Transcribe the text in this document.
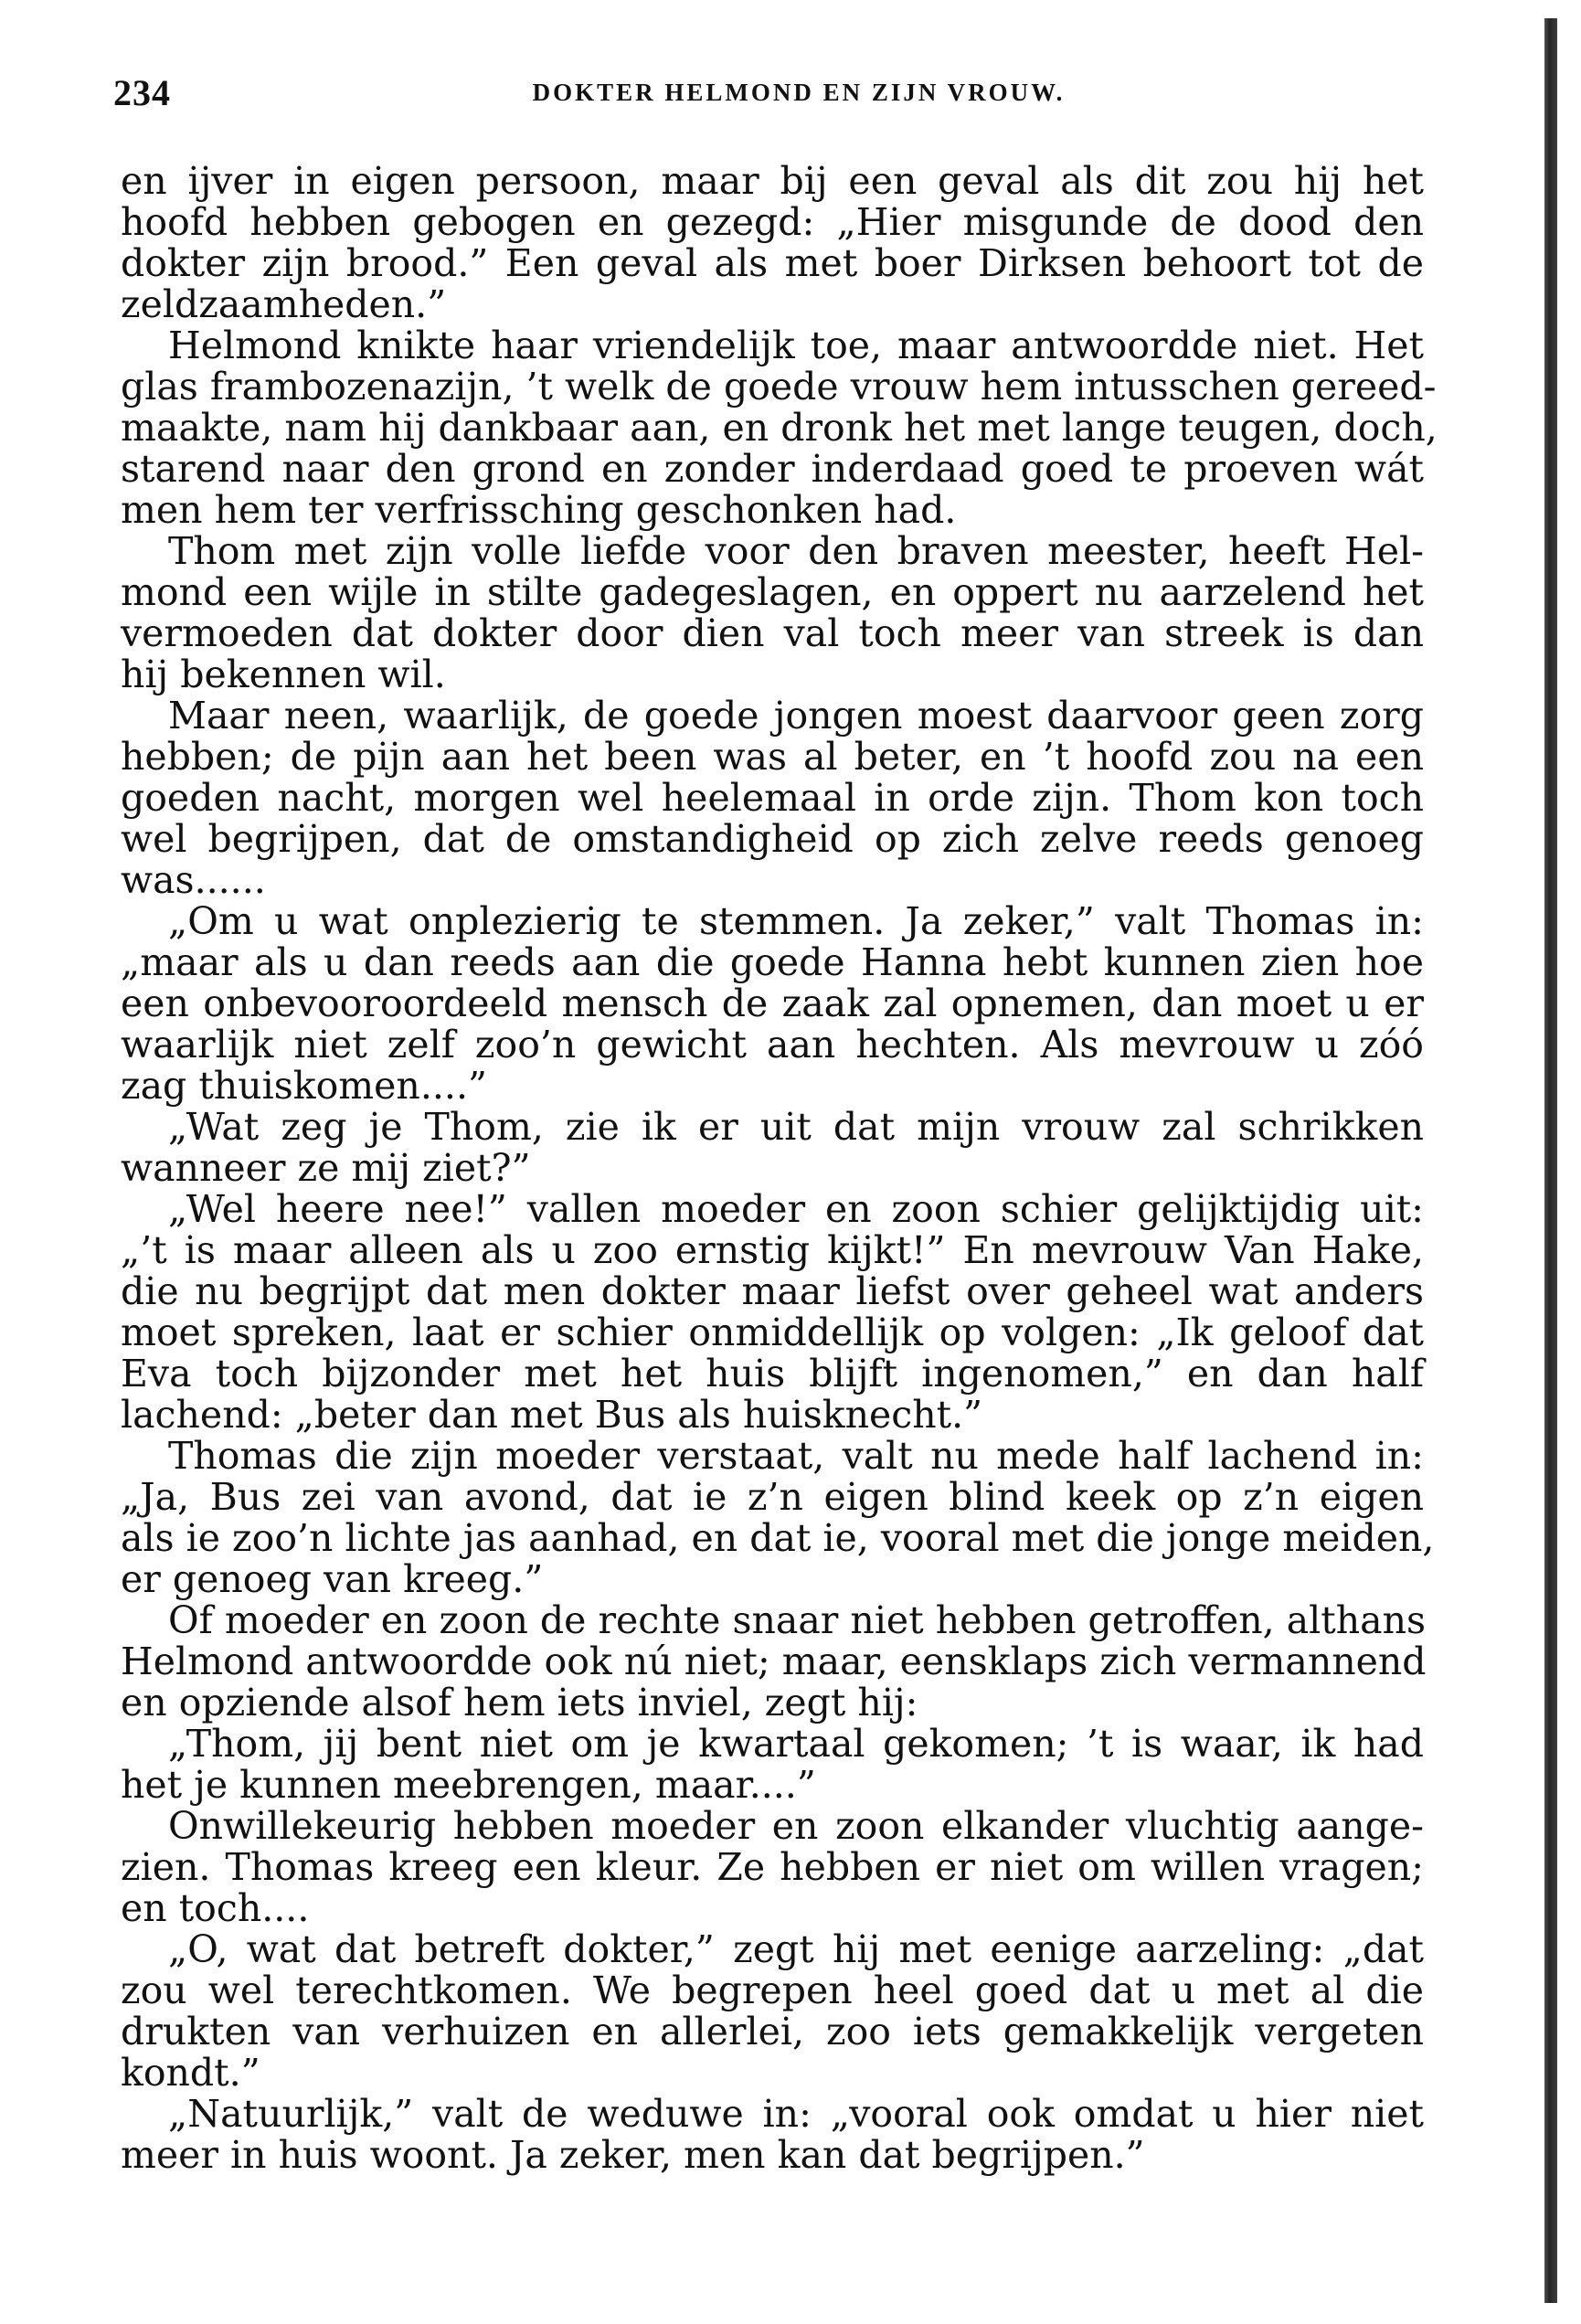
234	DOKTER HELMOND EN ZIJN VROUW.
en ijver in eigen persoon, maar bij een geval als dit zou hij het
hoofd hebben gebogen en gezegd: „Hier misgunde de dood den
dokter zijn brood.” Een geval als met boer Dirksen behoort tot de
zeldzaamheden.”
Helmond knikte haar vriendelijk toe, maar antwoordde niet. Het
glas frambozenazijn, ’t welk de goede vrouw hem intusschen gereed-
maakte, nam hij dankbaar aan, en dronk het met lange teugen, doch,
starend naar den grond en zonder inderdaad goed te proeven wát
men hem ter verfrissching geschonken had.
Thom met zijn volle liefde voor den braven meester, heeft Hel-
mond een wijle in stilte gadegeslagen, en oppert nu aarzelend het
vermoeden dat dokter door dien val toch meer van streek is dan
hij bekennen wil.
Maar neen, waarlijk, de goede jongen moest daarvoor geen zorg
hebben; de pijn aan het been was al beter, en ’t hoofd zou na een
goeden nacht, morgen wel heelemaal in orde zijn. Thom kon toch
wel begrijpen, dat de omstandigheid op zich zelve reeds genoeg
was......
„Om u wat onplezierig te stemmen. Ja zeker,” valt Thomas in:
„maar als u dan reeds aan die goede Hanna hebt kunnen zien hoe
een onbevooroordeeld mensch de zaak zal opnemen, dan moet u er
waarlijk niet zelf zoo’n gewicht aan hechten. Als mevrouw u zóó
zag thuiskomen....”
„Wat zeg je Thom, zie ik er uit dat mijn vrouw zal schrikken
wanneer ze mij ziet?”
„Wel heere nee!” vallen moeder en zoon schier gelijktijdig uit:
„’t is maar alleen als u zoo ernstig kijkt!” En mevrouw Van Hake,
die nu begrijpt dat men dokter maar liefst over geheel wat anders
moet spreken, laat er schier onmiddellijk op volgen: „Ik geloof dat
Eva toch bijzonder met het huis blijft ingenomen,” en dan half
lachend: „beter dan met Bus als huisknecht.”
Thomas die zijn moeder verstaat, valt nu mede half lachend in:
„Ja, Bus zei van avond, dat ie z’n eigen blind keek op z’n eigen
als ie zoo’n lichte jas aanhad, en dat ie, vooral met die jonge meiden,
er genoeg van kreeg.”
Of moeder en zoon de rechte snaar niet hebben getroffen, althans
Helmond antwoordde ook nú niet; maar, eensklaps zich vermannend
en opziende alsof hem iets inviel, zegt hij:
„Thom, jij bent niet om je kwartaal gekomen; ’t is waar, ik had
het je kunnen meebrengen, maar....”
Onwillekeurig hebben moeder en zoon elkander vluchtig aange-
zien. Thomas kreeg een kleur. Ze hebben er niet om willen vragen;
en toch....
„O, wat dat betreft dokter,” zegt hij met eenige aarzeling: „dat
zou wel terechtkomen. We begrepen heel goed dat u met al die
drukten van verhuizen en allerlei, zoo iets gemakkelijk vergeten
kondt.”
„Natuurlijk,” valt de weduwe in: „vooral ook omdat u hier niet
meer in huis woont. Ja zeker, men kan dat begrijpen.”
